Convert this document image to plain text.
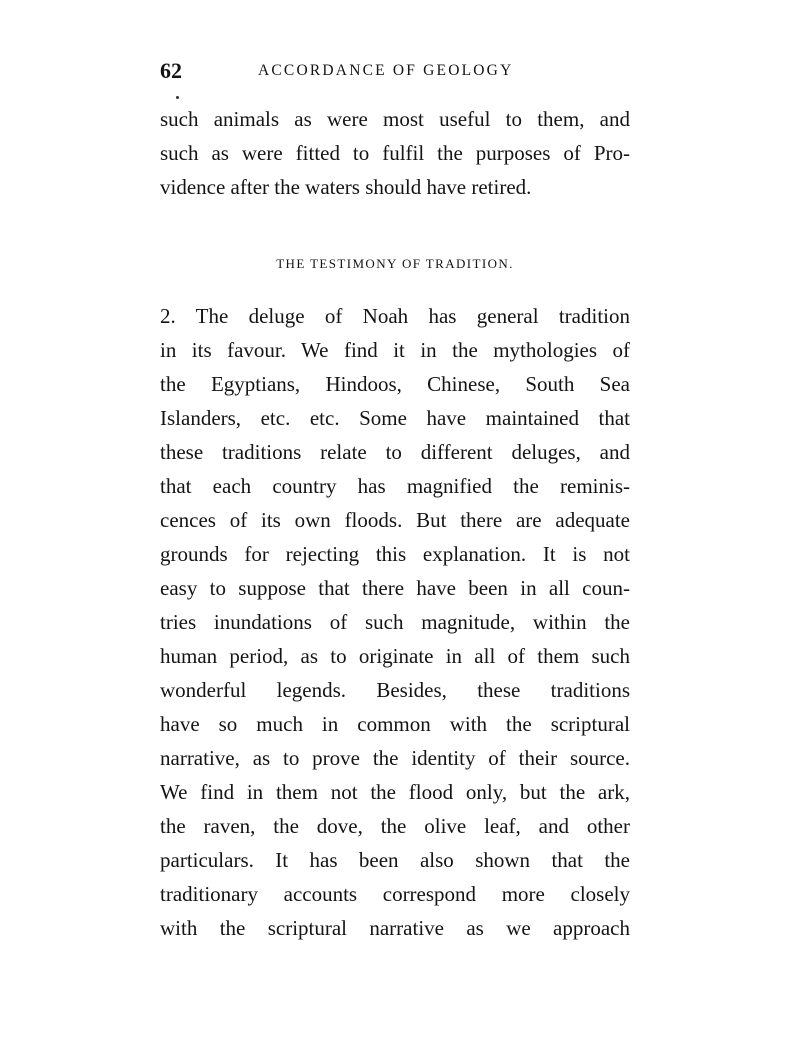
62	ACCORDANCE OF GEOLOGY
such animals as were most useful to them, and
such as were fitted to fulfil the purposes of Pro-
vidence after the waters should have retired.
THE TESTIMONY OF TRADITION.
2. The deluge of Noah has general tradition
in its favour. We find it in the mythologies of
the Egyptians, Hindoos, Chinese, South Sea
Islanders, etc. etc. Some have maintained that
these traditions relate to different deluges, and
that each country has magnified the reminis-
cences of its own floods. But there are adequate
grounds for rejecting this explanation. It is not
easy to suppose that there have been in all coun-
tries inundations of such magnitude, within the
human period, as to originate in all of them such
wonderful legends. Besides, these traditions
have so much in common with the scriptural
narrative, as to prove the identity of their source.
We find in them not the flood only, but the ark,
the raven, the dove, the olive leaf, and other
particulars. It has been also shown that the
traditionary accounts correspond more closely
with the scriptural narrative as we approach
